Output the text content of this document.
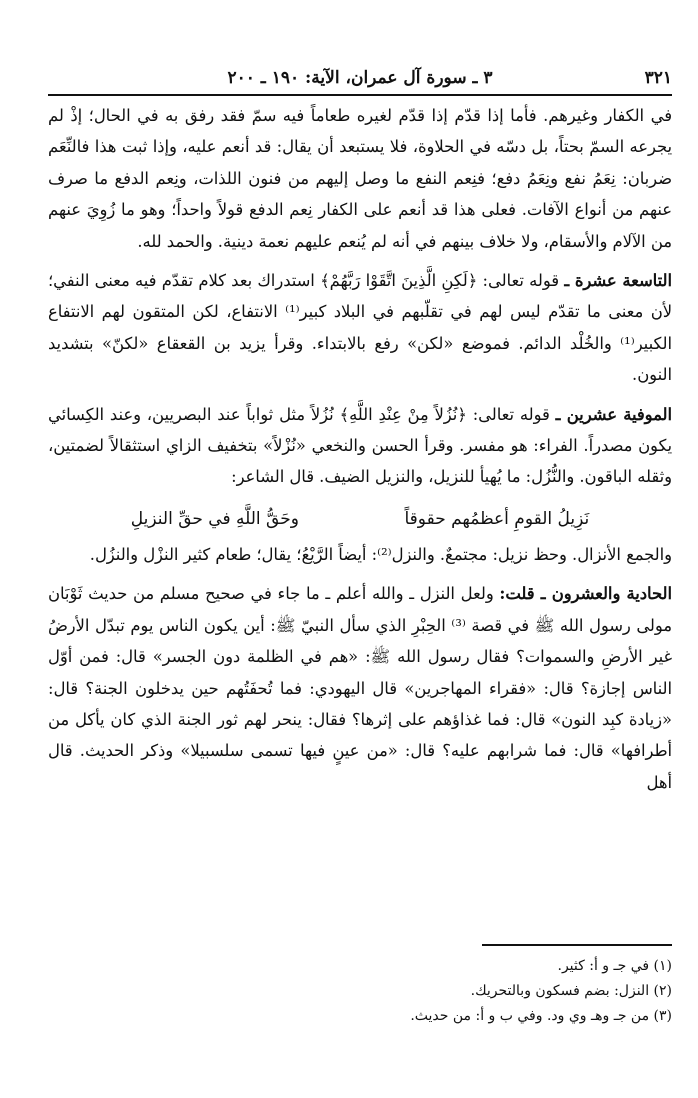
٣٢١
٣ ـ سورة آل عمران، الآية: ١٩٠ ـ ٢٠٠

في الكفار وغيرهم. فأما إذا قدّم إذا قدّم لغيره طعاماً فيه سمّ فقد رفق به في الحال؛ إذْ لم يجرعه السمّ بحتاً، بل دسّه في الحلاوة، فلا يستبعد أن يقال: قد أنعم عليه، وإذا ثبت هذا فالنِّعَم ضربان: نِعَمُ نفع ونِعَمُ دفع؛ فنِعم النفع ما وصل إليهم من فنون اللذات، ونِعم الدفع ما صرف عنهم من أنواع الآفات. فعلى هذا قد أنعم على الكفار نِعم الدفع قولاً واحداً؛ وهو ما زُوِيَ عنهم من الآلام والأسقام، ولا خلاف بينهم في أنه لم يُنعم عليهم نعمة دينية. والحمد لله.

التاسعة عشرة ـ قوله تعالى: ﴿لَكِنِ الَّذِينَ اتَّقَوْا رَبَّهُمْ﴾ استدراك بعد كلام تقدّم فيه معنى النفي؛ لأن معنى ما تقدّم ليس لهم في تقلّبهم في البلاد كبير⁽¹⁾ الانتفاع، لكن المتقون لهم الانتفاع الكبير⁽¹⁾ والخُلْد الدائم. فموضع «لكن» رفع بالابتداء. وقرأ يزيد بن القعقاع «لكنّ» بتشديد النون.

الموفية عشرين ـ قوله تعالى: ﴿نُزُلاً مِنْ عِنْدِ اللَّهِ﴾ نُزُلاً مثل ثواباً عند البصريين، وعند الكِسائي يكون مصدراً. الفراء: هو مفسر. وقرأ الحسن والنخعي «نُزْلاً» بتخفيف الزاي استثقالاً لضمتين، وثقله الباقون. والنُّزُل: ما يُهيأ للنزيل، والنزيل الضيف. قال الشاعر:

نَزِيلُ القومِ أعظمُهم حقوقاً
وحَقُّ اللَّهِ في حقِّ النزيلِ

والجمع الأنزال. وحظ نزيل: مجتمعٌ. والنزل⁽²⁾: أيضاً الرَّيْعُ؛ يقال؛ طعام كثير النزْل والنزُل.

الحادية والعشرون ـ قلت: ولعل النزل ـ والله أعلم ـ ما جاء في صحيح مسلم من حديث ثَوْبَان مولى رسول الله ﷺ في قصة ⁽³⁾ الحِبْرِ الذي سأل النبيّ ﷺ: أين يكون الناس يوم تبدّل الأرضُ غير الأرضِ والسموات؟ فقال رسول الله ﷺ: «هم في الظلمة دون الجسر» قال: فمن أوّل الناس إجازة؟ قال: «فقراء المهاجرين» قال اليهودي: فما تُحفَتُهم حين يدخلون الجنة؟ قال: «زيادة كبِد النون» قال: فما غذاؤهم على إثرها؟ فقال: ينحر لهم ثور الجنة الذي كان يأكل من أطرافها» قال: فما شرابهم عليه؟ قال: «من عينٍ فيها تسمى سلسبيلا» وذكر الحديث. قال أهل

(١) في جـ و أ: كثير.
(٢) النزل: بضم فسكون وبالتحريك.
(٣) من جـ وهـ وي ود. وفي ب و أ: من حديث.
